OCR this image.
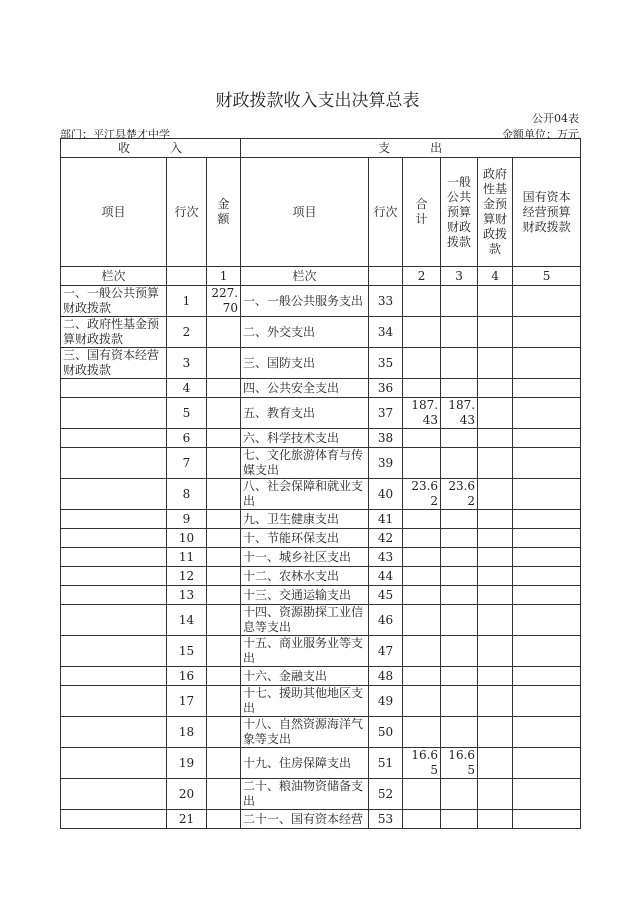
财政拨款收入支出决算总表
公开04表
部门：平江县楚才中学	金额单位：万元
收　　　入			支　　　出					
项目	行次	金额	项目	行次	合计	一般公共预算财政拨款	政府性基金预算财政拨款	国有资本经营预算财政拨款
栏次		1	栏次		2	3	4	5
一、一般公共预算财政拨款	1	227.70	一、一般公共服务支出	33				
二、政府性基金预算财政拨款	2		二、外交支出	34				
三、国有资本经营财政拨款	3		三、国防支出	35				
	4		四、公共安全支出	36				
	5		五、教育支出	37	187.43	187.43		
	6		六、科学技术支出	38				
	7		七、文化旅游体育与传媒支出	39				
	8		八、社会保障和就业支出	40	23.62	23.62		
	9		九、卫生健康支出	41				
	10		十、节能环保支出	42				
	11		十一、城乡社区支出	43				
	12		十二、农林水支出	44				
	13		十三、交通运输支出	45				
	14		十四、资源勘探工业信息等支出	46				
	15		十五、商业服务业等支出	47				
	16		十六、金融支出	48				
	17		十七、援助其他地区支出	49				
	18		十八、自然资源海洋气象等支出	50				
	19		十九、住房保障支出	51	16.65	16.65		
	20		二十、粮油物资储备支出	52				
	21		二十一、国有资本经营	53				
